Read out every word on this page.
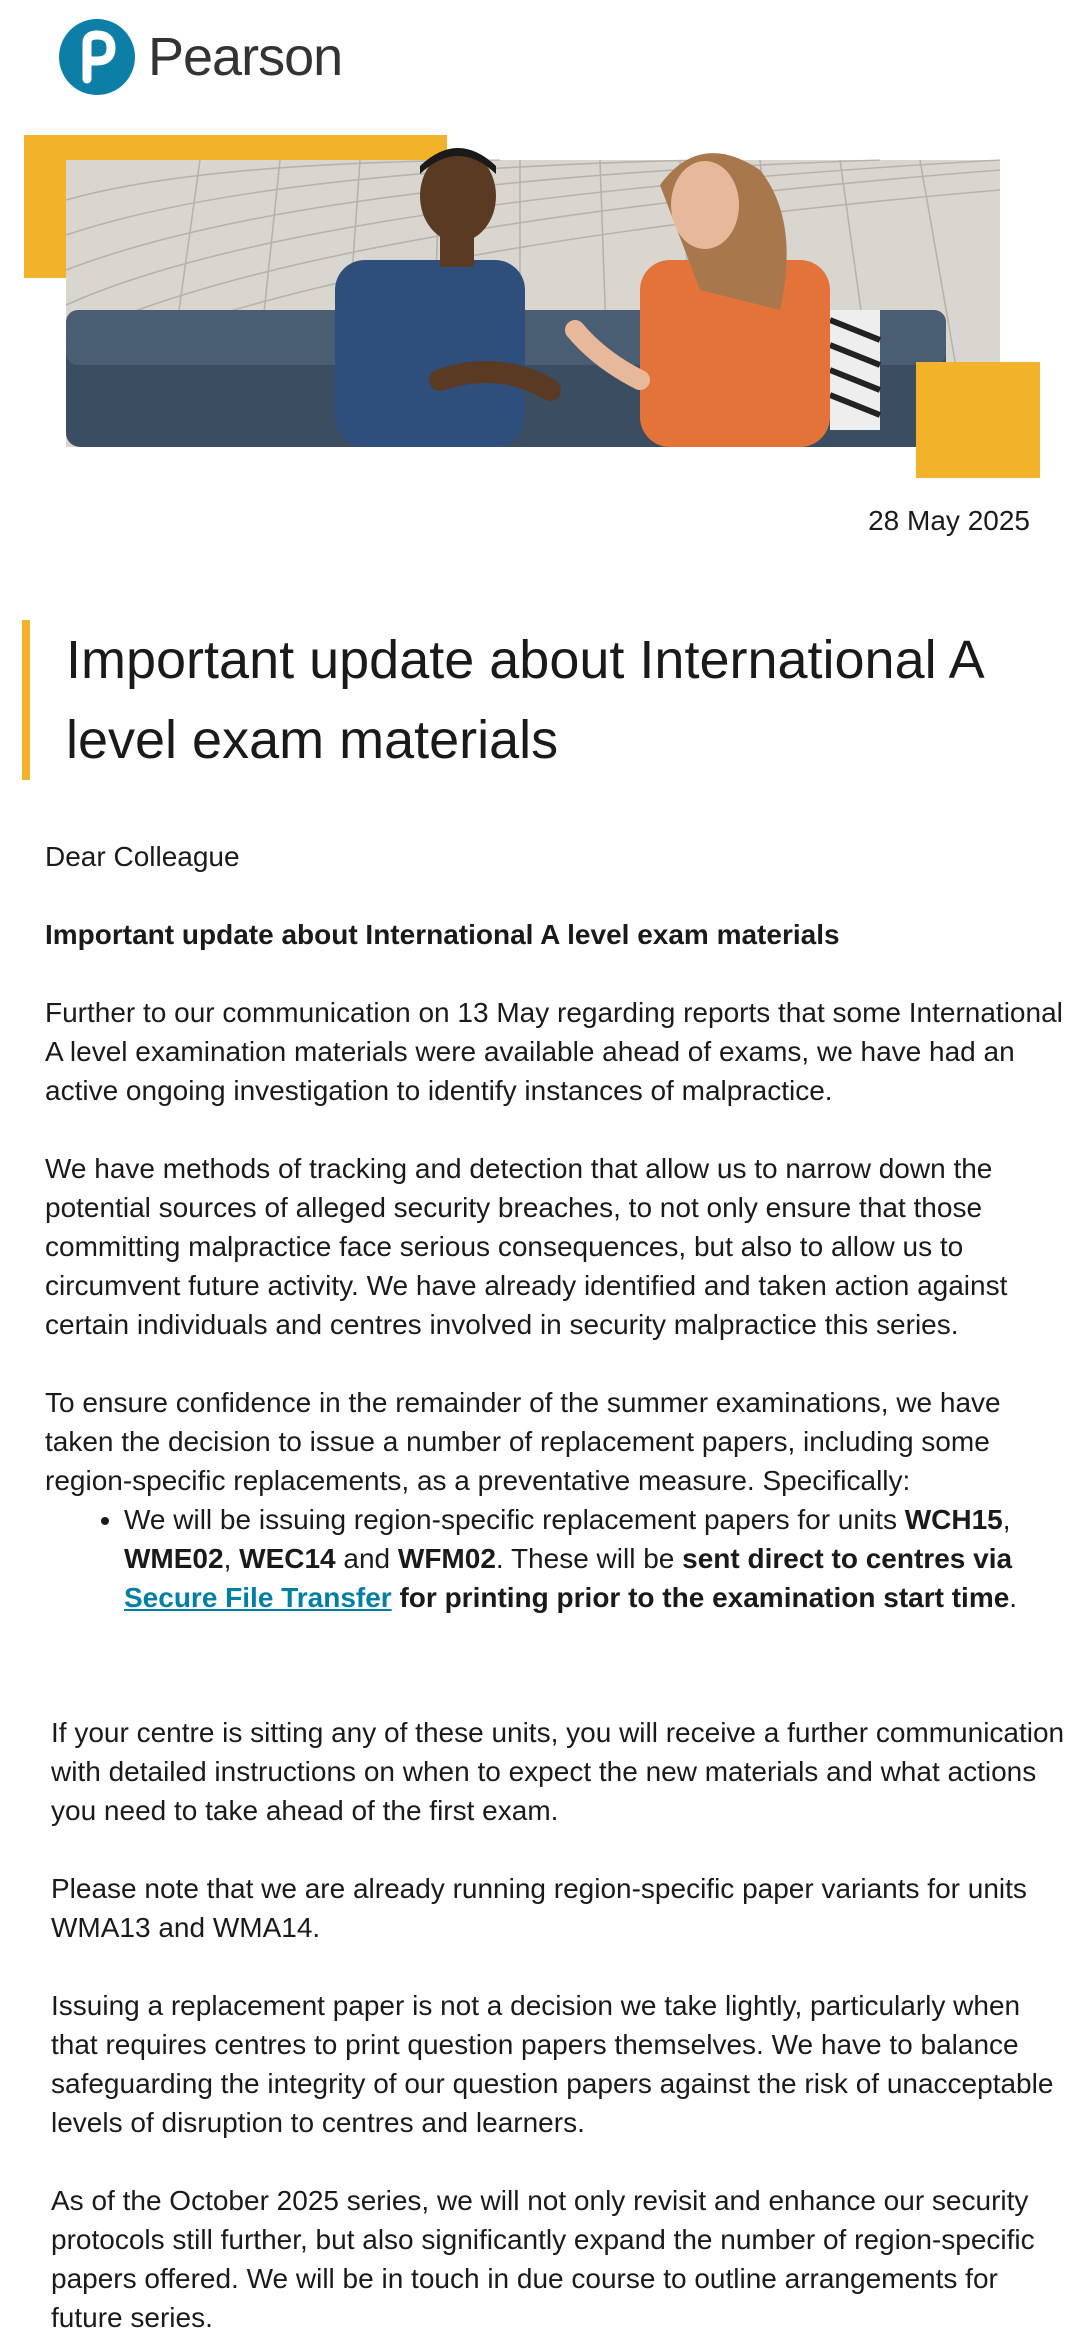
Pearson
28 May 2025
Important update about International A level exam materials

Dear Colleague

Important update about International A level exam materials

Further to our communication on 13 May regarding reports that some International A level examination materials were available ahead of exams, we have had an active ongoing investigation to identify instances of malpractice.

We have methods of tracking and detection that allow us to narrow down the potential sources of alleged security breaches, to not only ensure that those committing malpractice face serious consequences, but also to allow us to circumvent future activity. We have already identified and taken action against certain individuals and centres involved in security malpractice this series.

To ensure confidence in the remainder of the summer examinations, we have taken the decision to issue a number of replacement papers, including some region-specific replacements, as a preventative measure. Specifically:

• We will be issuing region-specific replacement papers for units WCH15,
WME02, WEC14 and WFM02. These will be sent direct to centres via
Secure File Transfer for printing prior to the examination start time.

If your centre is sitting any of these units, you will receive a further communication with detailed instructions on when to expect the new materials and what actions you need to take ahead of the first exam.

Please note that we are already running region-specific paper variants for units WMA13 and WMA14.

Issuing a replacement paper is not a decision we take lightly, particularly when that requires centres to print question papers themselves. We have to balance safeguarding the integrity of our question papers against the risk of unacceptable levels of disruption to centres and learners.

As of the October 2025 series, we will not only revisit and enhance our security protocols still further, but also significantly expand the number of region-specific papers offered. We will be in touch in due course to outline arrangements for future series.
